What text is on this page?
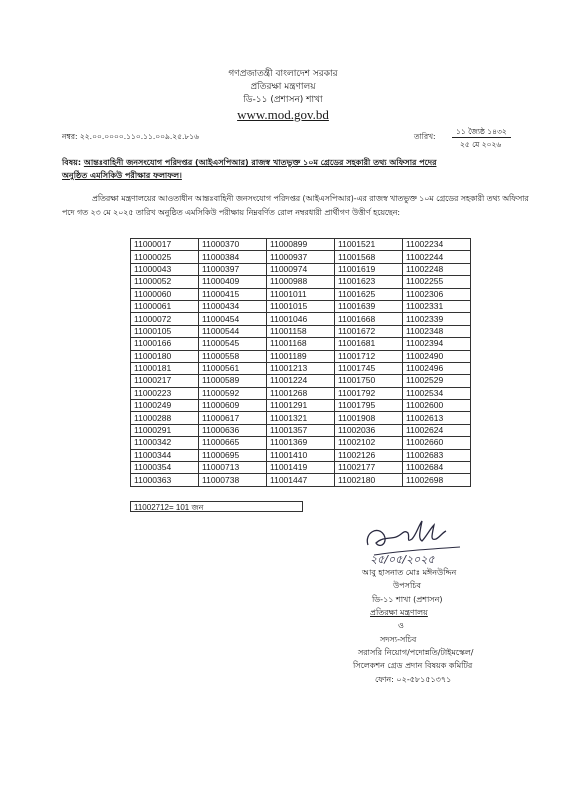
গণপ্রজাতন্ত্রী বাংলাদেশ সরকার
প্রতিরক্ষা মন্ত্রণালয়
ডি-১১ (প্রশাসন) শাখা
www.mod.gov.bd
নম্বর: ২২.০০.০০০০.১১০.১১.০০৯.২৫.৮১৬	তারিখ:
১১ জ্যৈষ্ঠ ১৪৩২
২৫ মে ২০২৬
বিষয়: আন্তঃবাহিনী জনসংযোগ পরিদপ্তর (আইএসপিআর) রাজস্ব খাতভুক্ত ১০ম গ্রেডের সহকারী তথ্য অফিসার পদের
অনুষ্ঠিত এমসিকিউ পরীক্ষার ফলাফল।
প্রতিরক্ষা মন্ত্রণালয়ের আওতাধীন আন্তঃবাহিনী জনসংযোগ পরিদপ্তর (আইএসপিআর)-এর রাজস্ব খাতভুক্ত ১০ম গ্রেডের সহকারী তথ্য অফিসার পদে গত ২৩ মে ২০২৫ তারিখ অনুষ্ঠিত এমসিকিউ পরীক্ষায় নিম্নবর্ণিত রোল নম্বরধারী প্রার্থীগণ উত্তীর্ণ হয়েছেন:
11000017	11000370	11000899	11001521	11002234
11000025	11000384	11000937	11001568	11002244
11000043	11000397	11000974	11001619	11002248
11000052	11000409	11000988	11001623	11002255
11000060	11000415	11001011	11001625	11002306
11000061	11000434	11001015	11001639	11002331
11000072	11000454	11001046	11001668	11002339
11000105	11000544	11001158	11001672	11002348
11000166	11000545	11001168	11001681	11002394
11000180	11000558	11001189	11001712	11002490
11000181	11000561	11001213	11001745	11002496
11000217	11000589	11001224	11001750	11002529
11000223	11000592	11001268	11001792	11002534
11000249	11000609	11001291	11001795	11002600
11000288	11000617	11001321	11001908	11002613
11000291	11000636	11001357	11002036	11002624
11000342	11000665	11001369	11002102	11002660
11000344	11000695	11001410	11002126	11002683
11000354	11000713	11001419	11002177	11002684
11000363	11000738	11001447	11002180	11002698
11002712= 101 জন
২৫/০৫/২০২৫
আবু হাসনাত মোঃ মঈনউদ্দিন
উপসচিব
ডি-১১ শাখা (প্রশাসন)
প্রতিরক্ষা মন্ত্রণালয়
ও
সদস্য-সচিব
সরাসরি নিয়োগ/পদোন্নতি/টাইমস্কেল/
সিলেকশন গ্রেড প্রদান বিষয়ক কমিটির
ফোন: ০২-৫৮১৫১৩৭১
